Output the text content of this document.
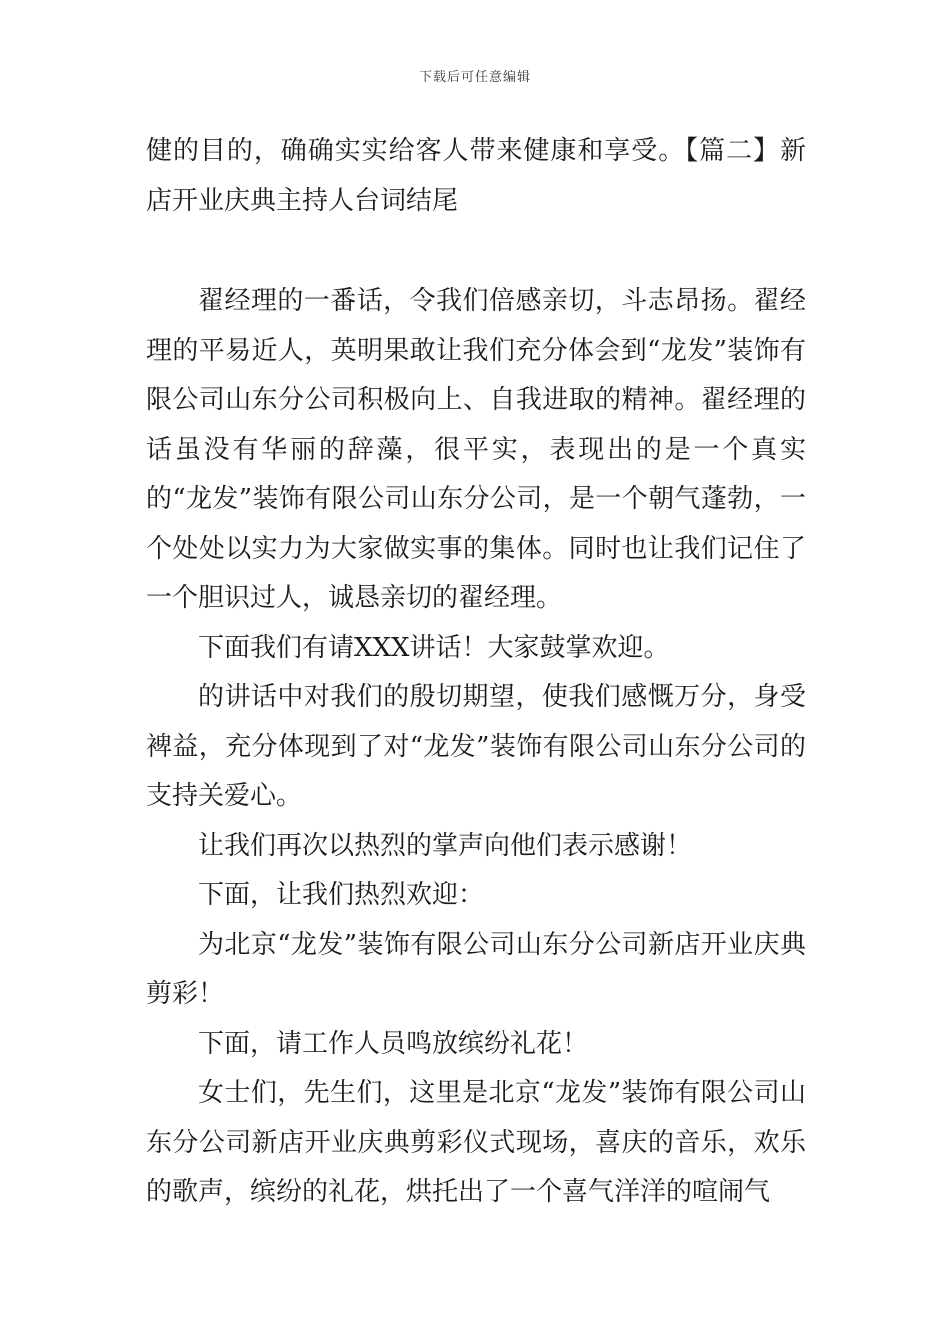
下载后可任意编辑

健的目的，确确实实给客人带来健康和享受。【篇二】新店开业庆典主持人台词结尾

翟经理的一番话，令我们倍感亲切，斗志昂扬。翟经理的平易近人，英明果敢让我们充分体会到“龙发”装饰有限公司山东分公司积极向上、自我进取的精神。翟经理的话虽没有华丽的辞藻，很平实，表现出的是一个真实的“龙发”装饰有限公司山东分公司，是一个朝气蓬勃，一个处处以实力为大家做实事的集体。同时也让我们记住了一个胆识过人，诚恳亲切的翟经理。

下面我们有请XXX讲话！大家鼓掌欢迎。

的讲话中对我们的殷切期望，使我们感慨万分，身受裨益，充分体现到了对“龙发”装饰有限公司山东分公司的支持关爱心。

让我们再次以热烈的掌声向他们表示感谢！

下面，让我们热烈欢迎：

为北京“龙发”装饰有限公司山东分公司新店开业庆典剪彩！

下面，请工作人员鸣放缤纷礼花！

女士们，先生们，这里是北京“龙发”装饰有限公司山东分公司新店开业庆典剪彩仪式现场，喜庆的音乐，欢乐的歌声，缤纷的礼花，烘托出了一个喜气洋洋的喧闹气
